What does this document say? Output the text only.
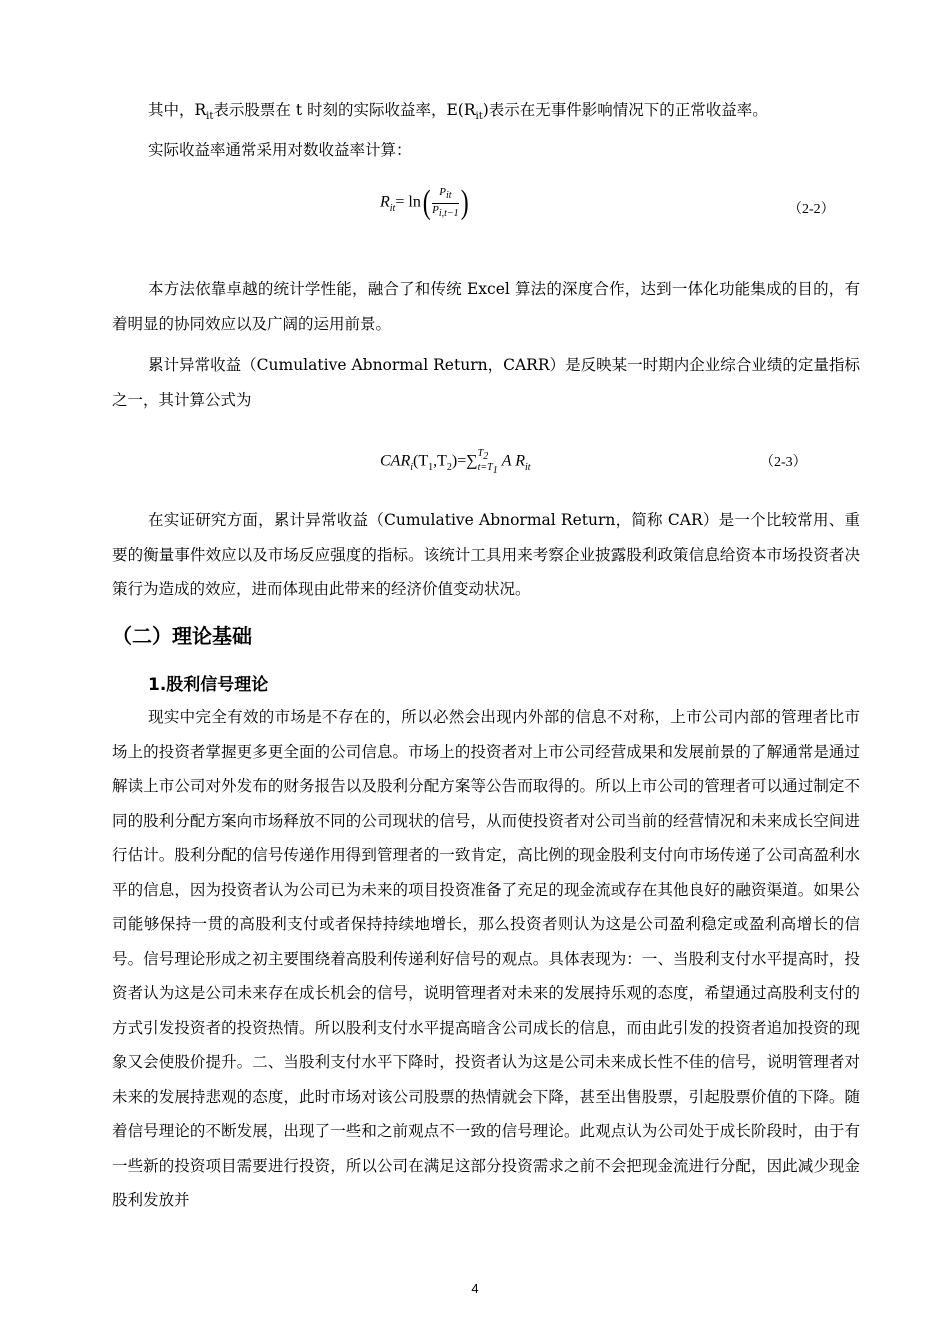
其中，$R_{it}$表示股票在 t 时刻的实际收益率，$E(R_{it})$表示在无事件影响情况下的正常收益率。
实际收益率通常采用对数收益率计算：
$R_{it}= \ln( \frac{P_{it}}{P_{i,t-1}}$ )	（2-2）
本方法依靠卓越的统计学性能，融合了和传统 Excel 算法的深度合作，达到一体化功能集成的目的，有着明显的协同效应以及广阔的运用前景。
累计异常收益（Cumulative Abnormal Return，CARR）是反映某一时期内企业综合业绩的定量指标之一，其计算公式为
$CAR_i(T_1,T_2)=\sum$ $T_2$
$t=T_1$
A $R_{it}$	（2-3）
在实证研究方面，累计异常收益（Cumulative Abnormal Return，简称 CAR）是一个比较常用、重要的衡量事件效应以及市场反应强度的指标。该统计工具用来考察企业披露股利政策信息给资本市场投资者决策行为造成的效应，进而体现由此带来的经济价值变动状况。
（二）理论基础
1.股利信号理论
现实中完全有效的市场是不存在的，所以必然会出现内外部的信息不对称，上市公司内部的管理者比市场上的投资者掌握更多更全面的公司信息。市场上的投资者对上市公司经营成果和发展前景的了解通常是通过解读上市公司对外发布的财务报告以及股利分配方案等公告而取得的。所以上市公司的管理者可以通过制定不同的股利分配方案向市场释放不同的公司现状的信号，从而使投资者对公司当前的经营情况和未来成长空间进行估计。股利分配的信号传递作用得到管理者的一致肯定，高比例的现金股利支付向市场传递了公司高盈利水平的信息，因为投资者认为公司已为未来的项目投资准备了充足的现金流或存在其他良好的融资渠道。如果公司能够保持一贯的高股利支付或者保持持续地增长，那么投资者则认为这是公司盈利稳定或盈利高增长的信号。信号理论形成之初主要围绕着高股利传递利好信号的观点。具体表现为：一、当股利支付水平提高时，投资者认为这是公司未来存在成长机会的信号，说明管理者对未来的发展持乐观的态度，希望通过高股利支付的方式引发投资者的投资热情。所以股利支付水平提高暗含公司成长的信息，而由此引发的投资者追加投资的现象又会使股价提升。二、当股利支付水平下降时，投资者认为这是公司未来成长性不佳的信号，说明管理者对未来的发展持悲观的态度，此时市场对该公司股票的热情就会下降，甚至出售股票，引起股票价值的下降。随着信号理论的不断发展，出现了一些和之前观点不一致的信号理论。此观点认为公司处于成长阶段时，由于有一些新的投资项目需要进行投资，所以公司在满足这部分投资需求之前不会把现金流进行分配，因此减少现金股利发放并
4
